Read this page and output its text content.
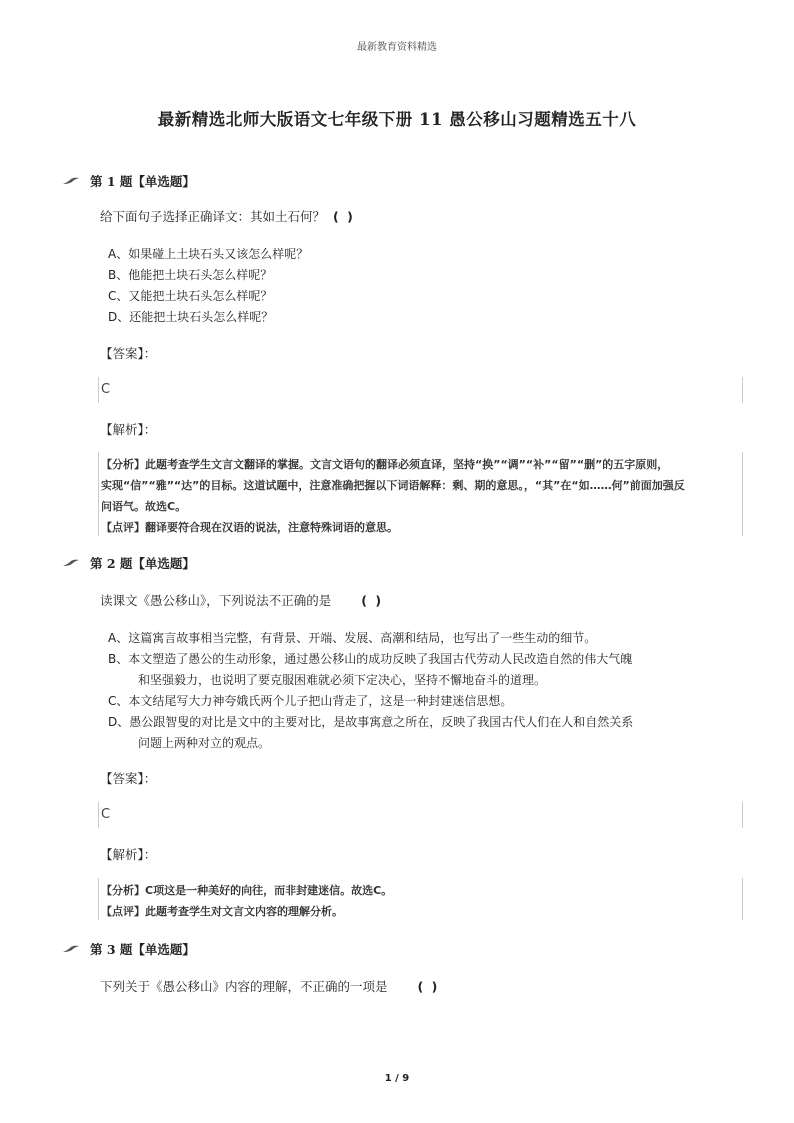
最新教育资料精选
最新精选北师大版语文七年级下册 11 愚公移山习题精选五十八
第 1 题【单选题】
给下面句子选择正确译文：其如土石何？ ( )
A、如果碰上土块石头又该怎么样呢？
B、他能把土块石头怎么样呢？
C、又能把土块石头怎么样呢？
D、还能把土块石头怎么样呢？
【答案】：
C
【解析】：
【分析】此题考查学生文言文翻译的掌握。文言文语句的翻译必须直译，坚持“换”“调”“补”“留”“删”的五字原则，
实现“信”“雅”“达”的目标。这道试题中，注意准确把握以下词语解释：剩、期的意思。，“其”在“如……何”前面加强反
问语气。故选C。
【点评】翻译要符合现在汉语的说法，注意特殊词语的意思。
第 2 题【单选题】
读课文《愚公移山》，下列说法不正确的是 ( )
A、这篇寓言故事相当完整，有背景、开端、发展、高潮和结局，也写出了一些生动的细节。
B、本文塑造了愚公的生动形象，通过愚公移山的成功反映了我国古代劳动人民改造自然的伟大气魄
和坚强毅力，也说明了要克服困难就必须下定决心，坚持不懈地奋斗的道理。
C、本文结尾写大力神夸娥氏两个儿子把山背走了，这是一种封建迷信思想。
D、愚公跟智叟的对比是文中的主要对比，是故事寓意之所在，反映了我国古代人们在人和自然关系
问题上两种对立的观点。
【答案】：
C
【解析】：
【分析】C项这是一种美好的向往，而非封建迷信。故选C。
【点评】此题考查学生对文言文内容的理解分析。
第 3 题【单选题】
下列关于《愚公移山》内容的理解，不正确的一项是 ( )
1 / 9
